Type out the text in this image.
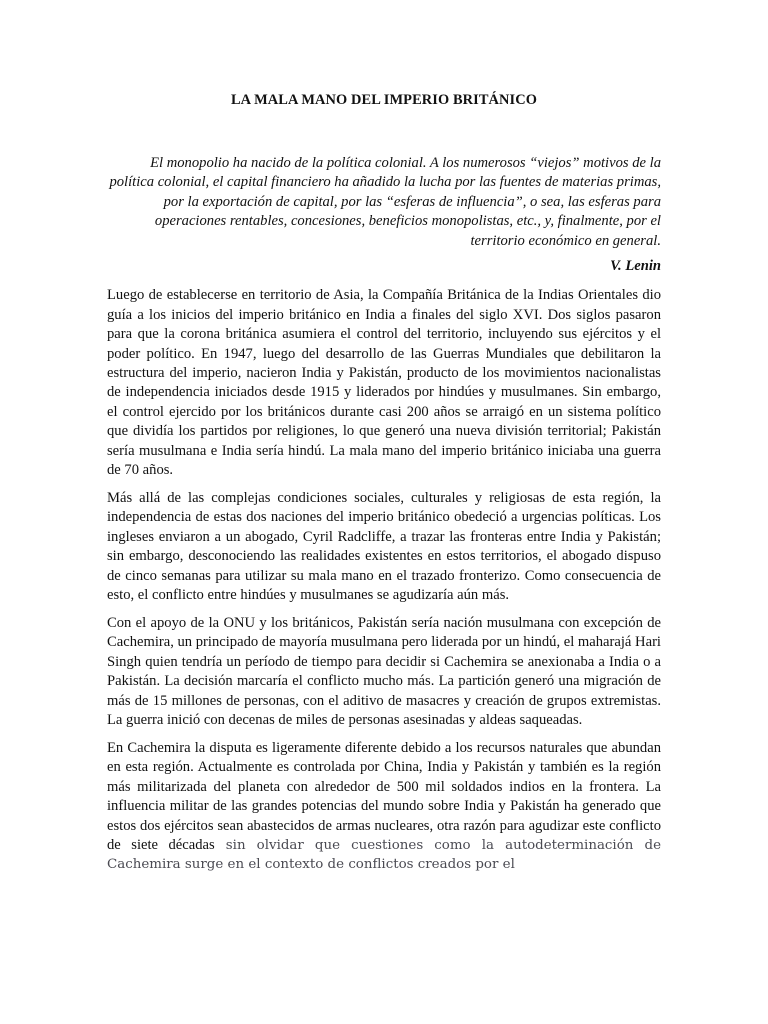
LA MALA MANO DEL IMPERIO BRITÁNICO

El monopolio ha nacido de la política colonial. A los numerosos “viejos” motivos de la política colonial, el capital financiero ha añadido la lucha por las fuentes de materias primas, por la exportación de capital, por las “esferas de influencia”, o sea, las esferas para operaciones rentables, concesiones, beneficios monopolistas, etc., y, finalmente, por el territorio económico en general.

V. Lenin

Luego de establecerse en territorio de Asia, la Compañía Británica de la Indias Orientales dio guía a los inicios del imperio británico en India a finales del siglo XVI. Dos siglos pasaron para que la corona británica asumiera el control del territorio, incluyendo sus ejércitos y el poder político. En 1947, luego del desarrollo de las Guerras Mundiales que debilitaron la estructura del imperio, nacieron India y Pakistán, producto de los movimientos nacionalistas de independencia iniciados desde 1915 y liderados por hindúes y musulmanes. Sin embargo, el control ejercido por los británicos durante casi 200 años se arraigó en un sistema político que dividía los partidos por religiones, lo que generó una nueva división territorial; Pakistán sería musulmana e India sería hindú. La mala mano del imperio británico iniciaba una guerra de 70 años.

Más allá de las complejas condiciones sociales, culturales y religiosas de esta región, la independencia de estas dos naciones del imperio británico obedeció a urgencias políticas. Los ingleses enviaron a un abogado, Cyril Radcliffe, a trazar las fronteras entre India y Pakistán; sin embargo, desconociendo las realidades existentes en estos territorios, el abogado dispuso de cinco semanas para utilizar su mala mano en el trazado fronterizo. Como consecuencia de esto, el conflicto entre hindúes y musulmanes se agudizaría aún más.

Con el apoyo de la ONU y los británicos, Pakistán sería nación musulmana con excepción de Cachemira, un principado de mayoría musulmana pero liderada por un hindú, el maharajá Hari Singh quien tendría un período de tiempo para decidir si Cachemira se anexionaba a India o a Pakistán. La decisión marcaría el conflicto mucho más. La partición generó una migración de más de 15 millones de personas, con el aditivo de masacres y creación de grupos extremistas. La guerra inició con decenas de miles de personas asesinadas y aldeas saqueadas.

En Cachemira la disputa es ligeramente diferente debido a los recursos naturales que abundan en esta región. Actualmente es controlada por China, India y Pakistán y también es la región más militarizada del planeta con alrededor de 500 mil soldados indios en la frontera. La influencia militar de las grandes potencias del mundo sobre India y Pakistán ha generado que estos dos ejércitos sean abastecidos de armas nucleares, otra razón para agudizar este conflicto de siete décadas sin olvidar que cuestiones como la autodeterminación de Cachemira surge en el contexto de conflictos creados por el
